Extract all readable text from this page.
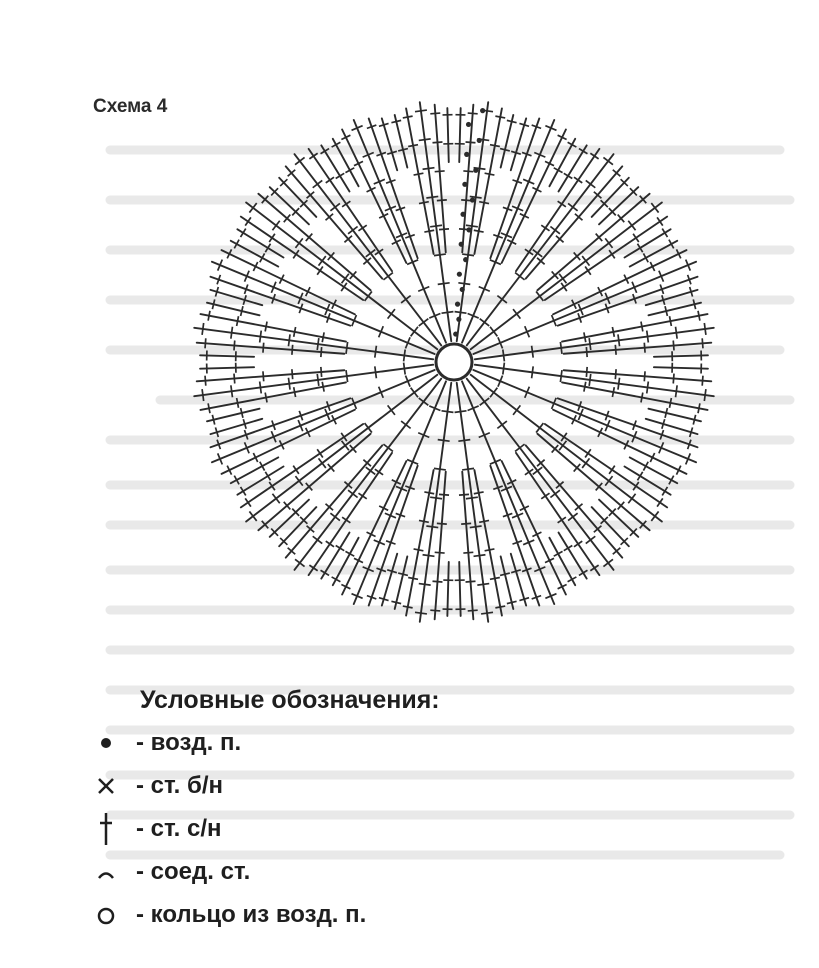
Схема 4
Условные обозначения:
- возд. п.
- ст. б/н
- ст. с/н
- соед. ст.
- кольцо из возд. п.
